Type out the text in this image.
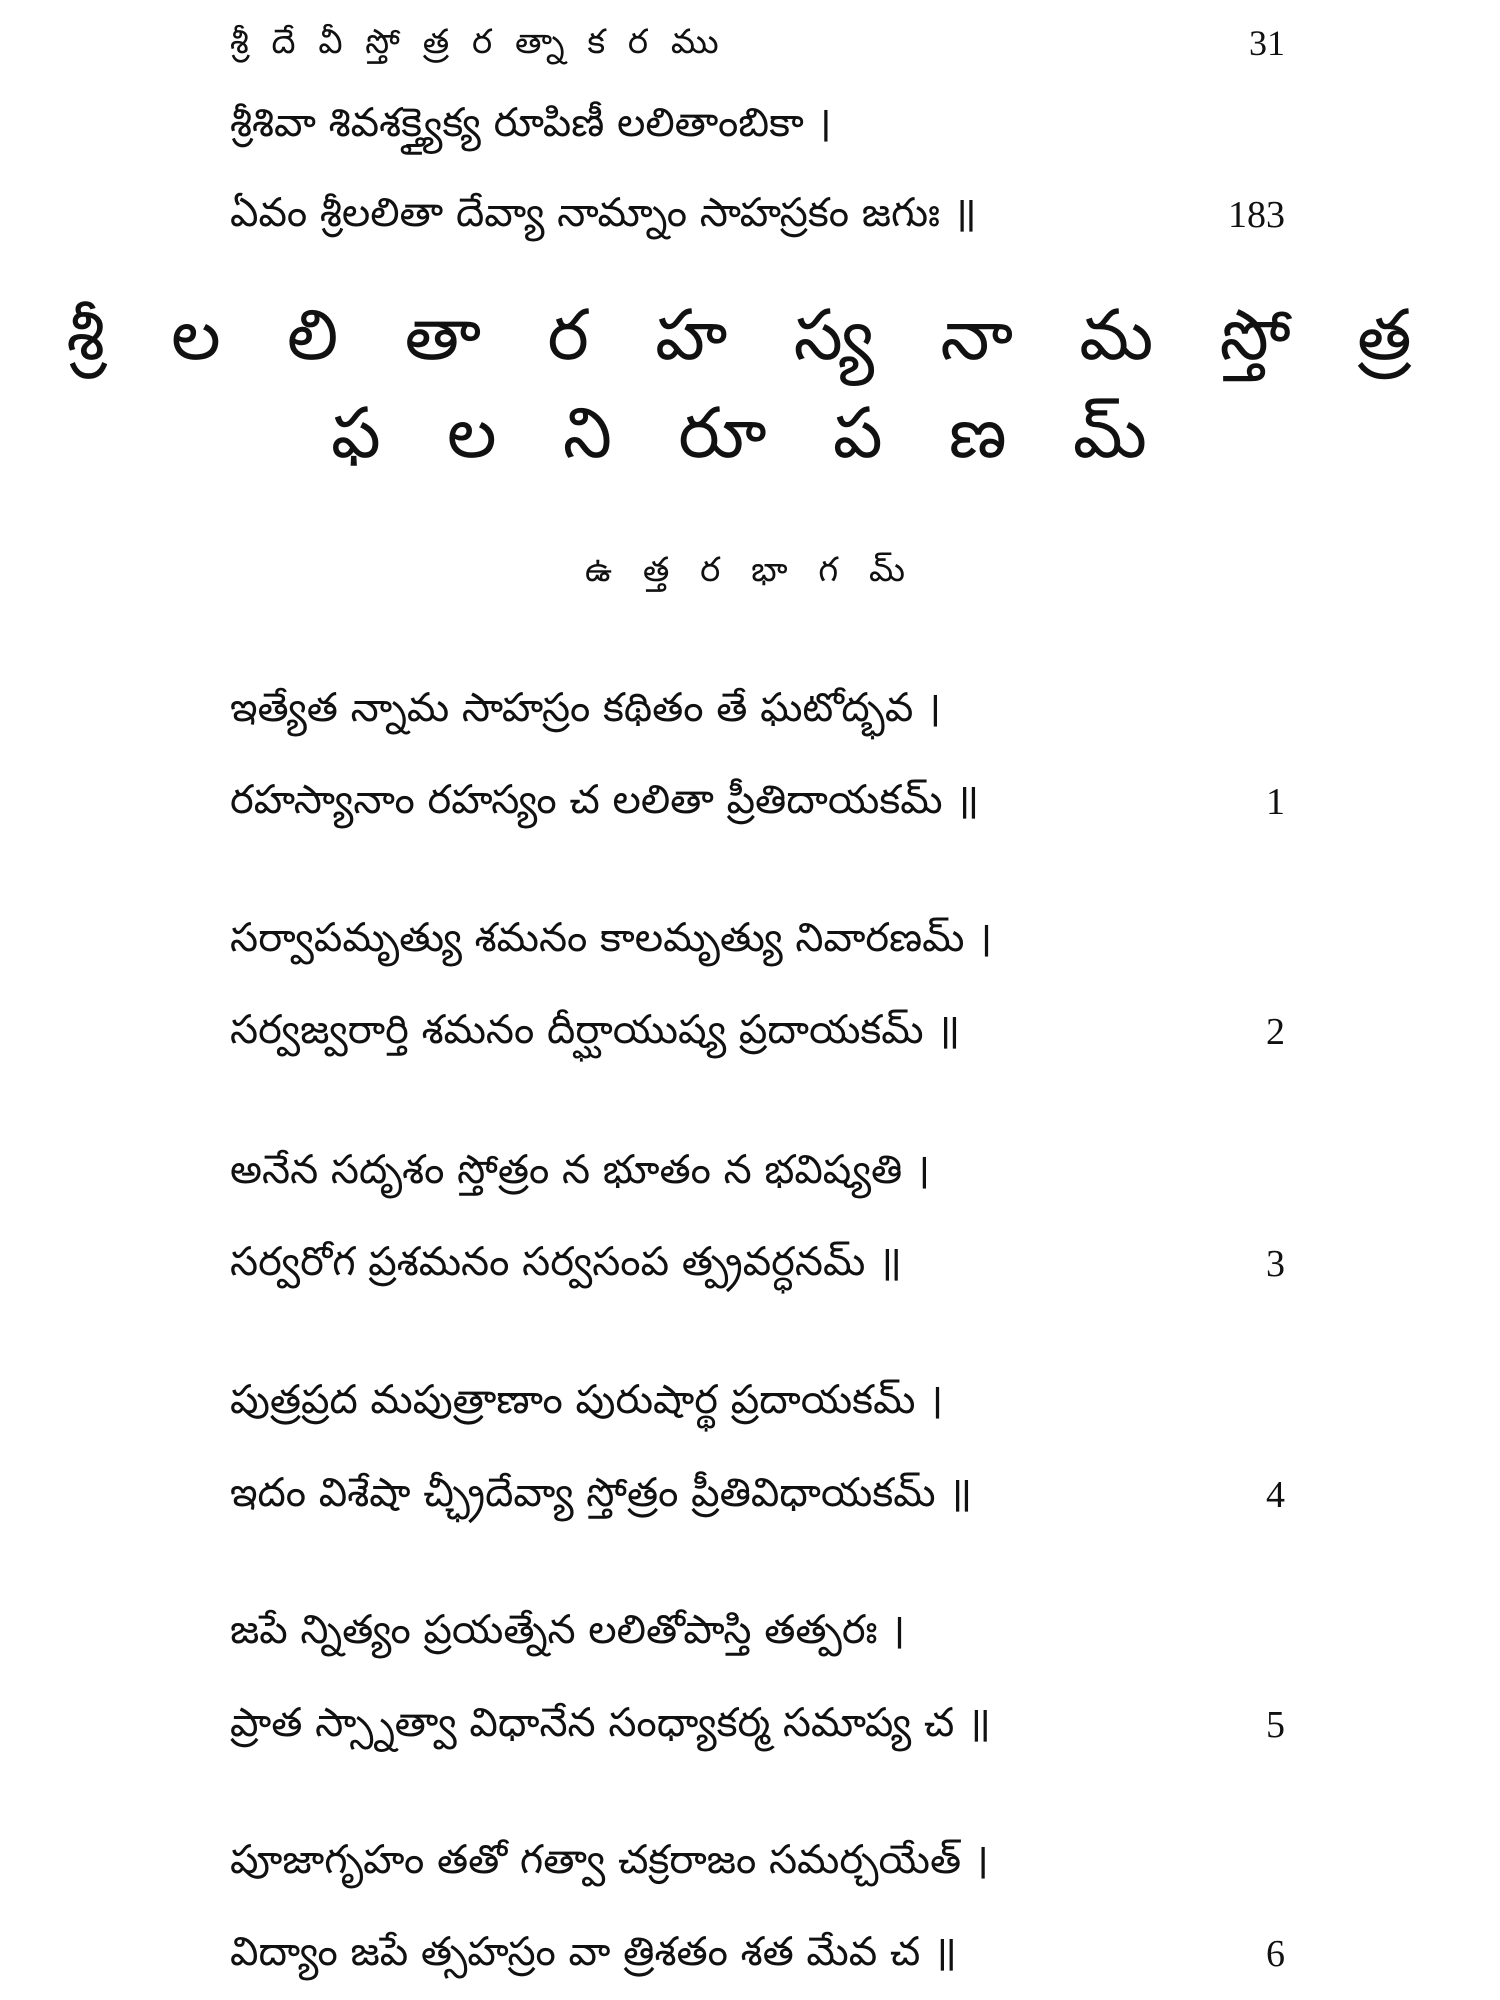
శ్రీ దే వీ స్తో త్ర ర త్నా క ర ము	31
శ్రీశివా శివశక్త్యైక్య రూపిణీ లలితాంబికా ।
ఏవం శ్రీలలితా దేవ్యా నామ్నాం సాహస్రకం జగుః ॥	183
శ్రీ ల లి తా ర హ స్య నా మ స్తో త్ర
ఫ ల ని రూ ప ణ మ్
ఉ త్త ర భా గ మ్
ఇత్యేత న్నామ సాహస్రం కథితం తే ఘటోద్భవ ।
రహస్యానాం రహస్యం చ లలితా ప్రీతిదాయకమ్ ॥	1
సర్వాపమృత్యు శమనం కాలమృత్యు నివారణమ్ ।
సర్వజ్వరార్తి శమనం దీర్ఘాయుష్య ప్రదాయకమ్ ॥	2
అనేన సదృశం స్తోత్రం న భూతం న భవిష్యతి ।
సర్వరోగ ప్రశమనం సర్వసంప త్ప్రవర్ధనమ్ ॥	3
పుత్రప్రద మపుత్రాణాం పురుషార్థ ప్రదాయకమ్ ।
ఇదం విశేషా చ్ఛ్రీదేవ్యా స్తోత్రం ప్రీతివిధాయకమ్ ॥	4
జపే న్నిత్యం ప్రయత్నేన లలితోపాస్తి తత్పరః ।
ప్రాత స్స్నాత్వా విధానేన సంధ్యాకర్మ సమాప్య చ ॥	5
పూజాగృహం తతో గత్వా చక్రరాజం సమర్చయేత్ ।
విద్యాం జపే త్సహస్రం వా త్రిశతం శత మేవ చ ॥	6
